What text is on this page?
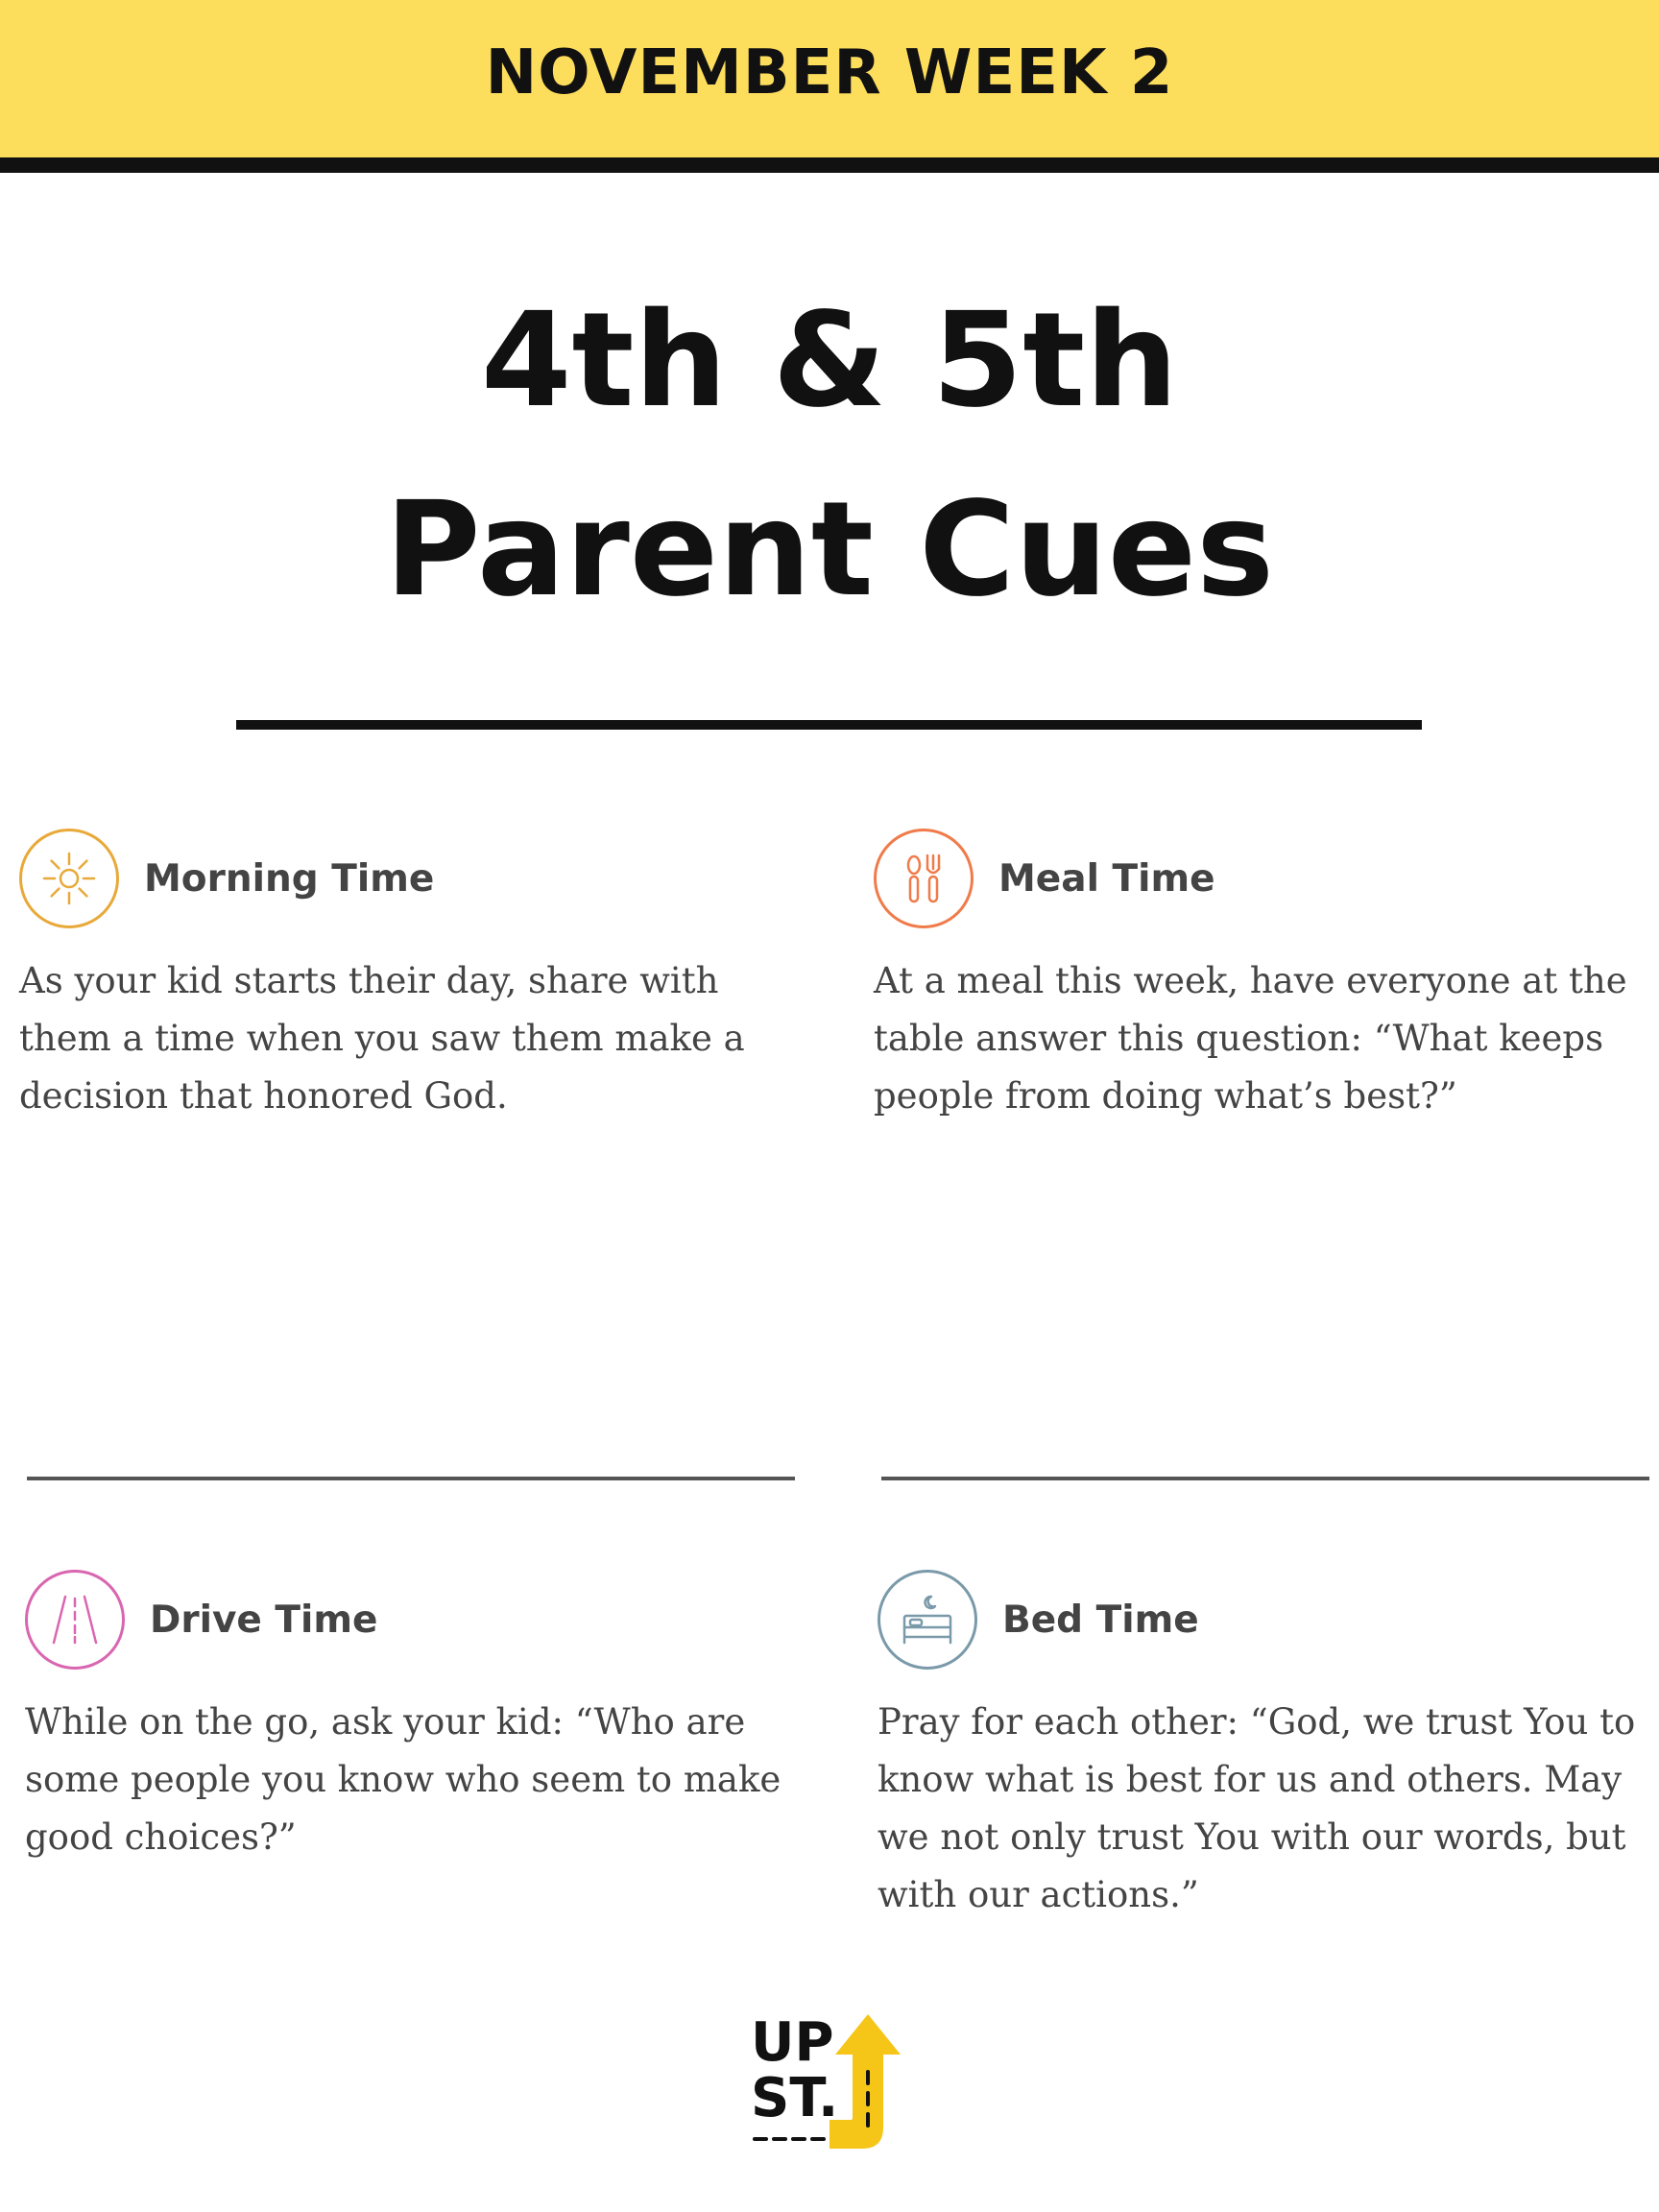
NOVEMBER WEEK 2
4th & 5th
Parent Cues
Morning Time
As your kid starts their day, share with them a time when you saw them make a decision that honored God.
Meal Time
At a meal this week, have everyone at the table answer this question: “What keeps people from doing what’s best?”
Drive Time
While on the go, ask your kid: “Who are some people you know who seem to make good choices?”
Bed Time
Pray for each other: “God, we trust You to know what is best for us and others. May we not only trust You with our words, but with our actions.”
UP
ST.
